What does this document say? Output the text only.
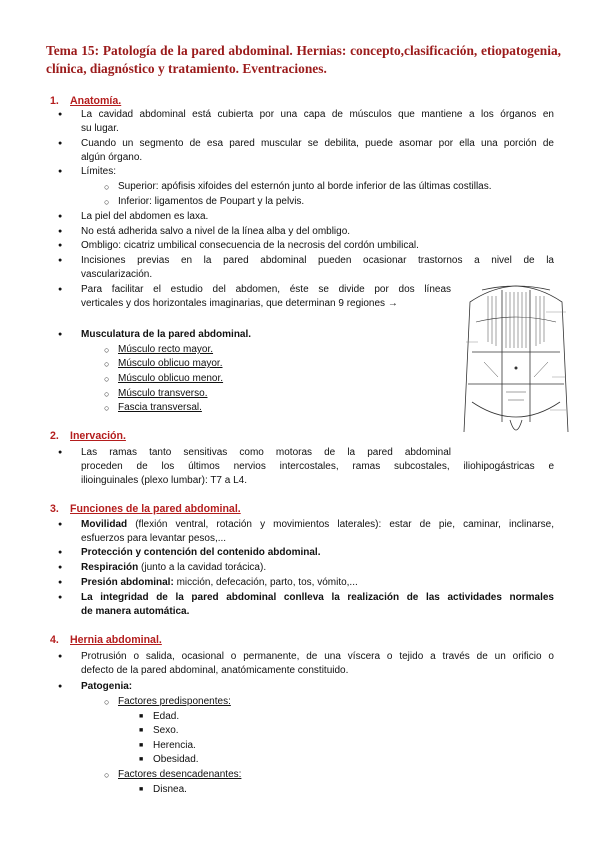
Tema 15: Patología de la pared abdominal. Hernias: concepto,clasificación, etiopatogenia, clínica, diagnóstico y tratamiento. Eventraciones.
1. Anatomía.
● La cavidad abdominal está cubierta por una capa de músculos que mantiene a los órganos en
su lugar.
● Cuando un segmento de esa pared muscular se debilita, puede asomar por ella una porción de
algún órgano.
● Límites:
○ Superior: apófisis xifoides del esternón junto al borde inferior de las últimas costillas.
○ Inferior: ligamentos de Poupart y la pelvis.
● La piel del abdomen es laxa.
● No está adherida salvo a nivel de la línea alba y del ombligo.
● Ombligo: cicatriz umbilical consecuencia de la necrosis del cordón umbilical.
● Incisiones previas en la pared abdominal pueden ocasionar trastornos a nivel de la
vascularización.
● Para facilitar el estudio del abdomen, éste se divide por dos líneas
verticales y dos horizontales imaginarias, que determinan 9 regiones →
● Musculatura de la pared abdominal.
○ Músculo recto mayor.
○ Músculo oblicuo mayor.
○ Músculo oblicuo menor.
○ Músculo transverso.
○ Fascia transversal.
2. Inervación.
● Las ramas tanto sensitivas como motoras de la pared abdominal
proceden de los últimos nervios intercostales, ramas subcostales, iliohipogástricas e
ilioinguinales (plexo lumbar): T7 a L4.
3. Funciones de la pared abdominal.
● Movilidad (flexión ventral, rotación y movimientos laterales): estar de pie, caminar, inclinarse,
esfuerzos para levantar pesos,...
● Protección y contención del contenido abdominal.
● Respiración (junto a la cavidad torácica).
● Presión abdominal: micción, defecación, parto, tos, vómito,...
● La integridad de la pared abdominal conlleva la realización de las actividades normales
de manera automática.
4. Hernia abdominal.
● Protrusión o salida, ocasional o permanente, de una víscera o tejido a través de un orificio o
defecto de la pared abdominal, anatómicamente constituido.
● Patogenia:
○ Factores predisponentes:
■ Edad.
■ Sexo.
■ Herencia.
■ Obesidad.
○ Factores desencadenantes:
■ Disnea.
